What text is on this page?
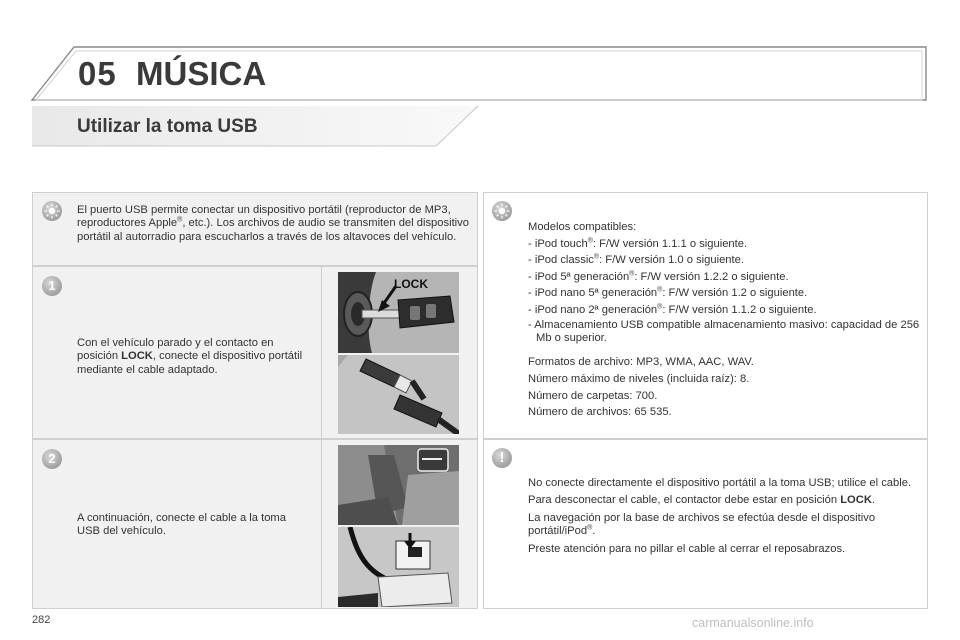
05 MÚSICA
Utilizar la toma USB

El puerto USB permite conectar un dispositivo portátil (reproductor de MP3, reproductores Apple®, etc.). Los archivos de audio se transmiten del dispositivo portátil al autorradio para escucharlos a través de los altavoces del vehículo.

1

Con el vehículo parado y el contacto en posición LOCK, conecte el dispositivo portátil mediante el cable adaptado.

LOCK
2
A continuación, conecte el cable a la toma USB del vehículo.

Modelos compatibles:

- iPod touch®: F/W versión 1.1.1 o siguiente.

- iPod classic®: F/W versión 1.0 o siguiente.

- iPod 5ª generación®: F/W versión 1.2.2 o siguiente.

- iPod nano 5ª generación®: F/W versión 1.2 o siguiente.

- iPod nano 2ª generación®: F/W versión 1.1.2 o siguiente.

- Almacenamiento USB compatible almacenamiento masivo: capacidad de 256 Mb o superior.

Formatos de archivo: MP3, WMA, AAC, WAV.

Número máximo de niveles (incluida raíz): 8.

Número de carpetas: 700.

Número de archivos: 65 535.

!

No conecte directamente el dispositivo portátil a la toma USB; utilice el cable.

Para desconectar el cable, el contactor debe estar en posición LOCK.

La navegación por la base de archivos se efectúa desde el dispositivo portátil/iPod®.

Preste atención para no pillar el cable al cerrar el reposabrazos.

282	carmanualsonline.info
